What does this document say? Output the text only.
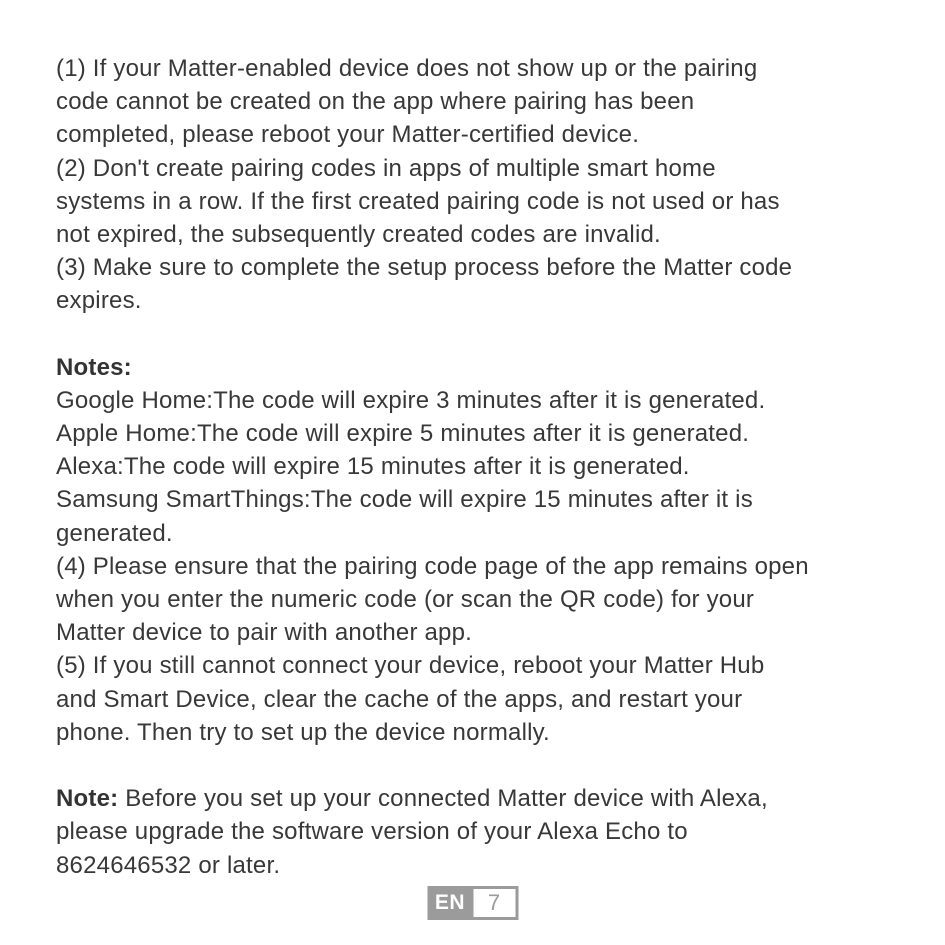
(1) If your Matter-enabled device does not show up or the pairing
code cannot be created on the app where pairing has been
completed, please reboot your Matter-certified device.
(2) Don't create pairing codes in apps of multiple smart home
systems in a row. If the first created pairing code is not used or has
not expired, the subsequently created codes are invalid.
(3) Make sure to complete the setup process before the Matter code
expires.
Notes:
Google Home:The code will expire 3 minutes after it is generated.
Apple Home:The code will expire 5 minutes after it is generated.
Alexa:The code will expire 15 minutes after it is generated.
Samsung SmartThings:The code will expire 15 minutes after it is
generated.
(4) Please ensure that the pairing code page of the app remains open
when you enter the numeric code (or scan the QR code) for your
Matter device to pair with another app.
(5) If you still cannot connect your device, reboot your Matter Hub
and Smart Device, clear the cache of the apps, and restart your
phone. Then try to set up the device normally.
Note: Before you set up your connected Matter device with Alexa,
please upgrade the software version of your Alexa Echo to
8624646532 or later.
EN	7
